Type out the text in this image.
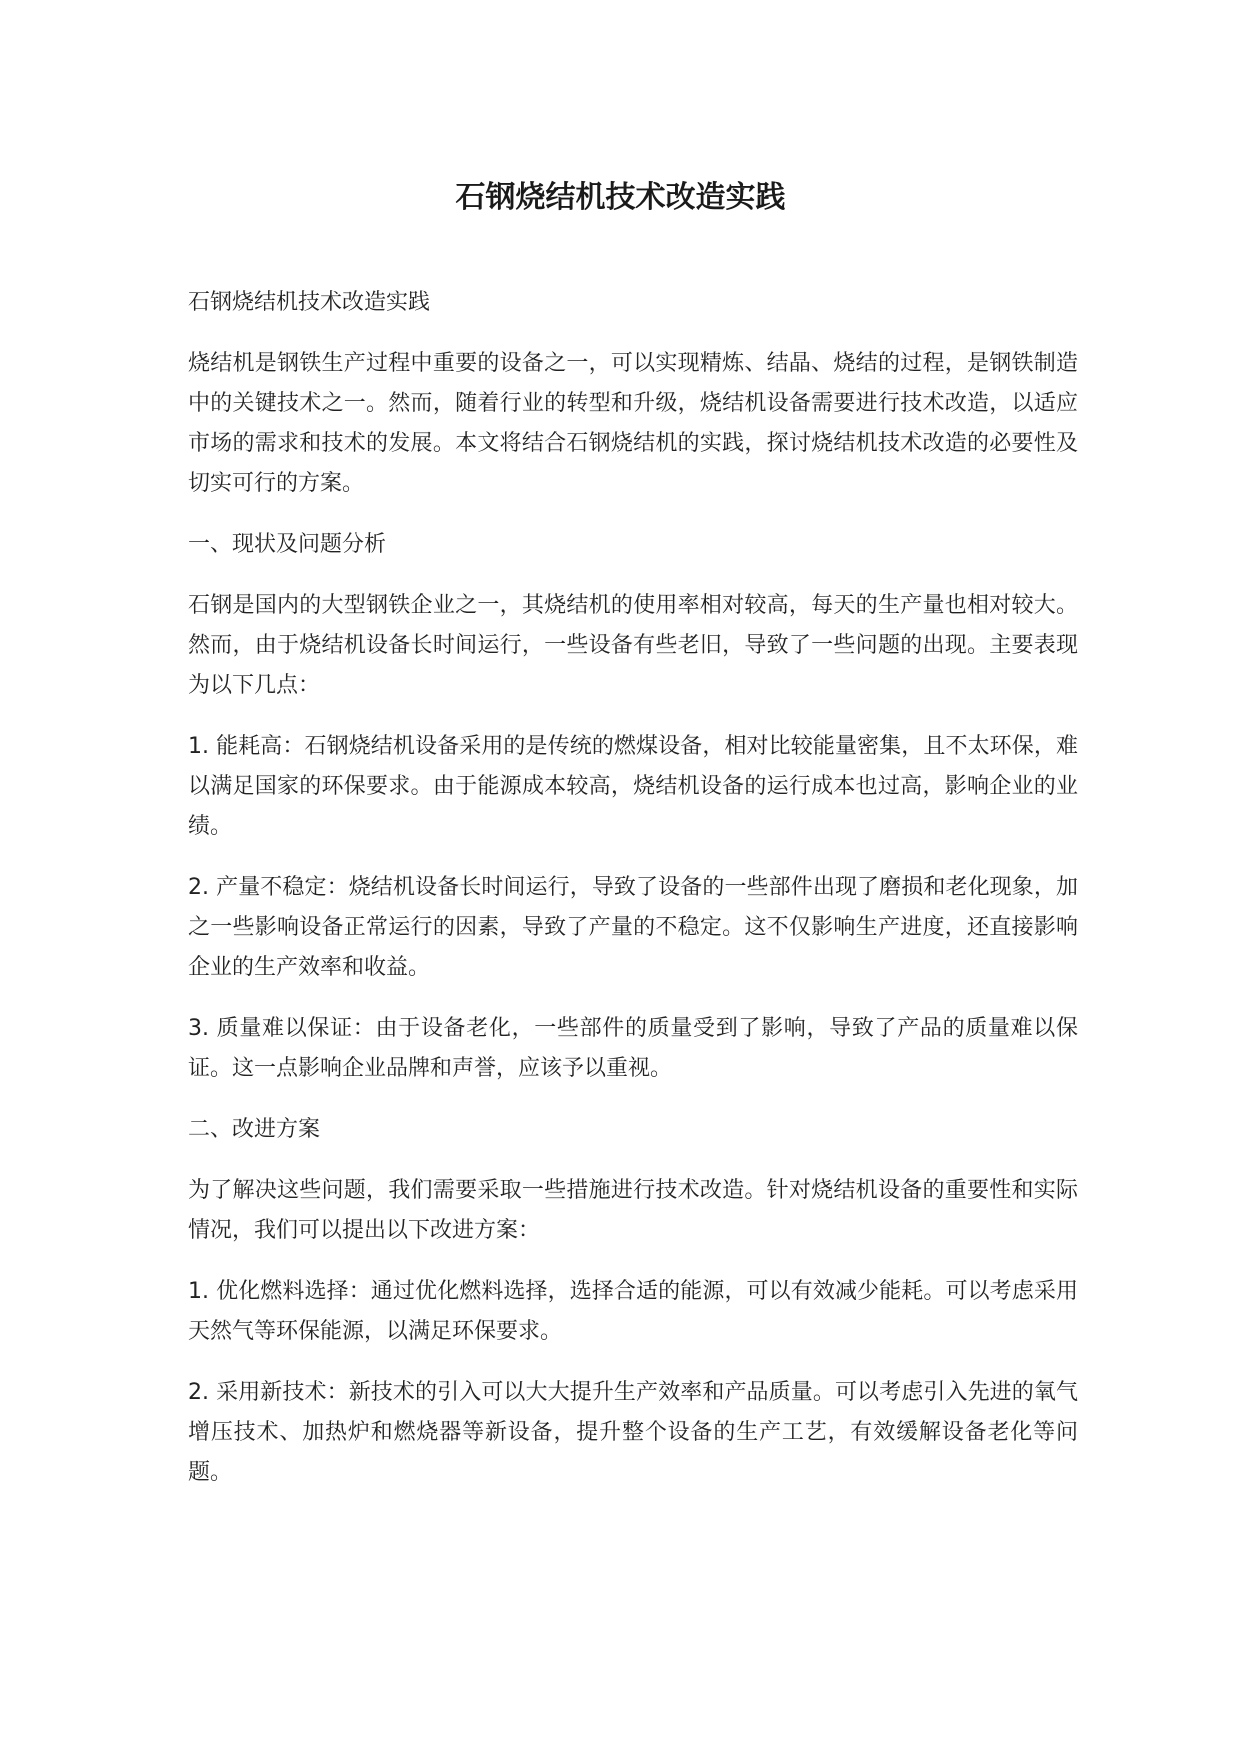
石钢烧结机技术改造实践

石钢烧结机技术改造实践

烧结机是钢铁生产过程中重要的设备之一，可以实现精炼、结晶、烧结的过程，是钢铁制造中的关键技术之一。然而，随着行业的转型和升级，烧结机设备需要进行技术改造，以适应市场的需求和技术的发展。本文将结合石钢烧结机的实践，探讨烧结机技术改造的必要性及切实可行的方案。

一、现状及问题分析

石钢是国内的大型钢铁企业之一，其烧结机的使用率相对较高，每天的生产量也相对较大。然而，由于烧结机设备长时间运行，一些设备有些老旧，导致了一些问题的出现。主要表现为以下几点：

1. 能耗高：石钢烧结机设备采用的是传统的燃煤设备，相对比较能量密集，且不太环保，难以满足国家的环保要求。由于能源成本较高，烧结机设备的运行成本也过高，影响企业的业绩。

2. 产量不稳定：烧结机设备长时间运行，导致了设备的一些部件出现了磨损和老化现象，加之一些影响设备正常运行的因素，导致了产量的不稳定。这不仅影响生产进度，还直接影响企业的生产效率和收益。

3. 质量难以保证：由于设备老化，一些部件的质量受到了影响，导致了产品的质量难以保证。这一点影响企业品牌和声誉，应该予以重视。

二、改进方案

为了解决这些问题，我们需要采取一些措施进行技术改造。针对烧结机设备的重要性和实际情况，我们可以提出以下改进方案：

1. 优化燃料选择：通过优化燃料选择，选择合适的能源，可以有效减少能耗。可以考虑采用天然气等环保能源，以满足环保要求。

2. 采用新技术：新技术的引入可以大大提升生产效率和产品质量。可以考虑引入先进的氧气增压技术、加热炉和燃烧器等新设备，提升整个设备的生产工艺，有效缓解设备老化等问题。
